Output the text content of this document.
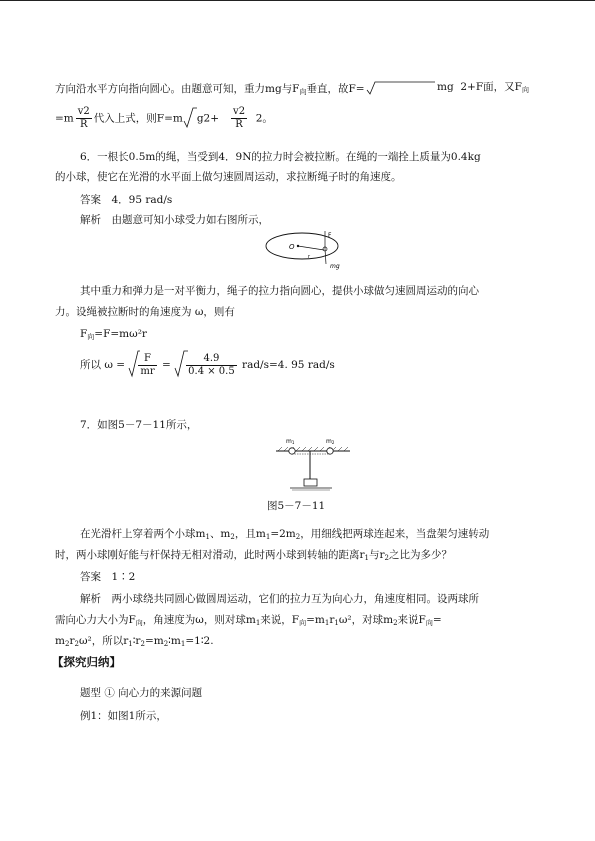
方向沿水平方向指向圆心。由题意可知，重力mg与F向垂直，故F=	mg 2+F面，又F向
$=m \frac{v2}{R}$ 代入上式，则F=m $g2+ \frac{v2}{R} 2$。
6．一根长0.5m的绳，当受到4．9N的拉力时会被拉断。在绳的一端拴上质量为0.4kg
的小球，使它在光滑的水平面上做匀速圆周运动，求拉断绳子时的角速度。
答案　4．95 rad/s
解析　由题意可知小球受力如右图所示，
O
F
mg
r
其中重力和弹力是一对平衡力，绳子的拉力指向圆心，提供小球做匀速圆周运动的向心
力。设绳被拉断时的角速度为 ω，则有
F向=F=mω²r
所以 $\omega = \frac{F}{mr} = \frac{4.9}{0.4 \times 0.5} rad/s=4$. 95 rad/s
7．如图5－7－11所示，
m1	m2
图5－7－11
在光滑杆上穿着两个小球m1、m2，且m1=2m2，用细线把两球连起来，当盘架匀速转动
时，两小球刚好能与杆保持无相对滑动，此时两小球到转轴的距离r1与r2之比为多少？
答案　1∶2
解析　两小球绕共同圆心做圆周运动，它们的拉力互为向心力，角速度相同。设两球所
需向心力大小为F向，角速度为ω，则对球m1来说，F向=m1r1ω²，对球m2来说F向=
m2r2ω²，所以r1∶r2=m2∶m1=1∶2.
【探究归纳】
题型 ① 向心力的来源问题
例1：如图1所示，
